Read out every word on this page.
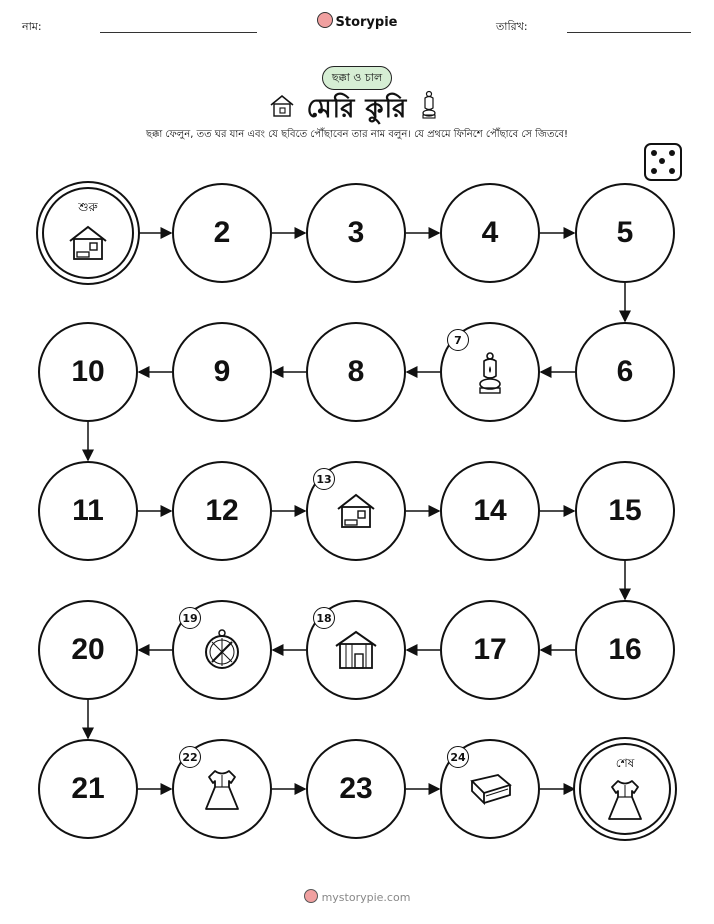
নাম:	Storypie	তারিখ:
ছক্কা ও চাল
মেরি কুরি
ছক্কা ফেলুন, তত ঘর যান এবং যে ছবিতে পৌঁছাবেন তার নাম বলুন। যে প্রথমে ফিনিশে পৌঁছাবে সে জিতবে!
শুরু
2	3	4	5
6
7
8
9
10
11	12
13
14	15
16
17
18
19
20
21
22
23
24	শেষ
mystorypie.com
